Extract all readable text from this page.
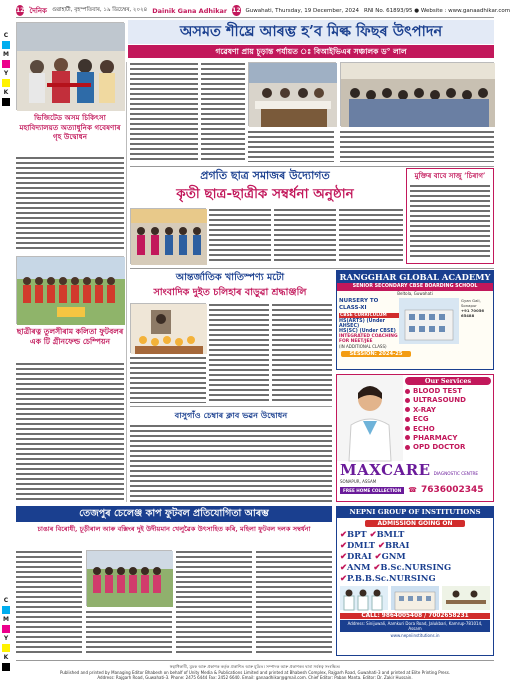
C
M
Y
K
C
M
Y
K
12 দৈনিক গুৱাহাটী, বৃহস্পতিবাৰ, ১৯ ডিচেম্বৰ, ২০২৪ Dainik Gana Adhikar 12 Guwahati, Thursday, 19 December, 2024 RNI No. 61893/95 ● Website : www.ganaadhikar.com
অসমত শীঘ্ৰে আৰম্ভ হ’ব মিল্ক ফিছৰ উৎপাদন
গৱেষণা প্ৰায় চূড়ান্ত পৰ্যায়ত ঃ বিআইভিএৰ সঞ্চালক ড° লাল
ভিজিটেড অসম চিকিৎসা মহাবিদ্যালয়ত অত্যাধুনিক গবেষণাৰ গৃহ উদ্বোধন
ছাত্ৰীৰত্ন তুলসীৰাম কলিতা ফুটবলৰ এক টি গ্ৰীনফেল্ড চেম্পিয়ন
প্ৰগতি ছাত্ৰ সমাজৰ উদ্যোগত
কৃতী ছাত্ৰ-ছাত্ৰীক সম্বৰ্ধনা অনুষ্ঠান
মুক্তিৰ বাবে সাজু ‘চিৰাগ’
আন্তৰ্জাতিক খাতিস্পণ্য মটো
সাংবাদিক দুইত চলিহাৰ বাড়ুৱা শ্ৰদ্ধাঞ্জলি
বাসুগাঁও চেম্বাৰ ক্লাব ভৱন উদ্বোধন
RANGGHAR GLOBAL ACADEMY
SENIOR SECONDARY CBSE BOARDING SCHOOL
Beltola, Guwahati
NURSERY TO CLASS-XI
CBSE CURRICULUM
HS(ARTS) (Under AHSEC)
HS(SC) (Under CBSE)
INTEGRATED COACHING FOR NEET/JEE
(IN ADDITIONAL CLASS)
Gyan Gali, Sonapur
+91 70056 65488
SESSION: 2024-25
Our Services
BLOOD TEST
ULTRASOUND
X-RAY
ECG
ECHO
PHARMACY
OPD DOCTOR
MAXCARE DIAGNOSTIC CENTRE
SONAPUR, ASSAM
FREE HOME COLLECTION	☎ 7636002345
তেজপুৰ চেলেঞ্জ কাপ ফুটবল প্ৰতিযোগিতা আৰম্ভ
চাঙাৰ বিৰোধী, চূড়ীৰাল আৰু বক্সিংৰ দুই উদীয়মান খেলুৱৈক উৎসাহিত কৰি, মহিলা ফুটবল দলক সম্বৰ্ধনা
NEPNI GROUP OF INSTITUTIONS
ADMISSION GOING ON
✔BPT ✔BMLT
✔DMLT ✔BRAI
✔DRAI ✔GNM
✔ANM ✔B.Sc.NURSING
✔P.B.B.Sc.NURSING
CALL: 9864005408 / 7002658231
Address: Sinijuwali, Aamkuri Dora Road, Jalukbari, Kamrup-781014, Assam
www.nepniinstitutions.in
স্বত্বাধিকাৰী, মুদ্ৰক আৰু প্ৰকাশক কৰ্তৃক প্ৰকাশিত আৰু মুদ্ৰিত। সম্পাদক আৰু প্ৰকাশকৰ দ্বাৰা সৰ্বস্বত্ব সংৰক্ষিত।
Published and printed by Managing Editor Bhabesh on behalf of Unity Media & Publications Limited and printed at Bhabesh Complex, Rajgarh Road, Guwahati-3 and printed at Elite Printing Press.
Address: Rajgarh Road, Guwahati-3. Phone: 2475 6444 Fax: 2452 6640. Email: ganaadhikar@gmail.com. Chief Editor: Paban Manta. Editor: Dr. Zakir Hussain.
